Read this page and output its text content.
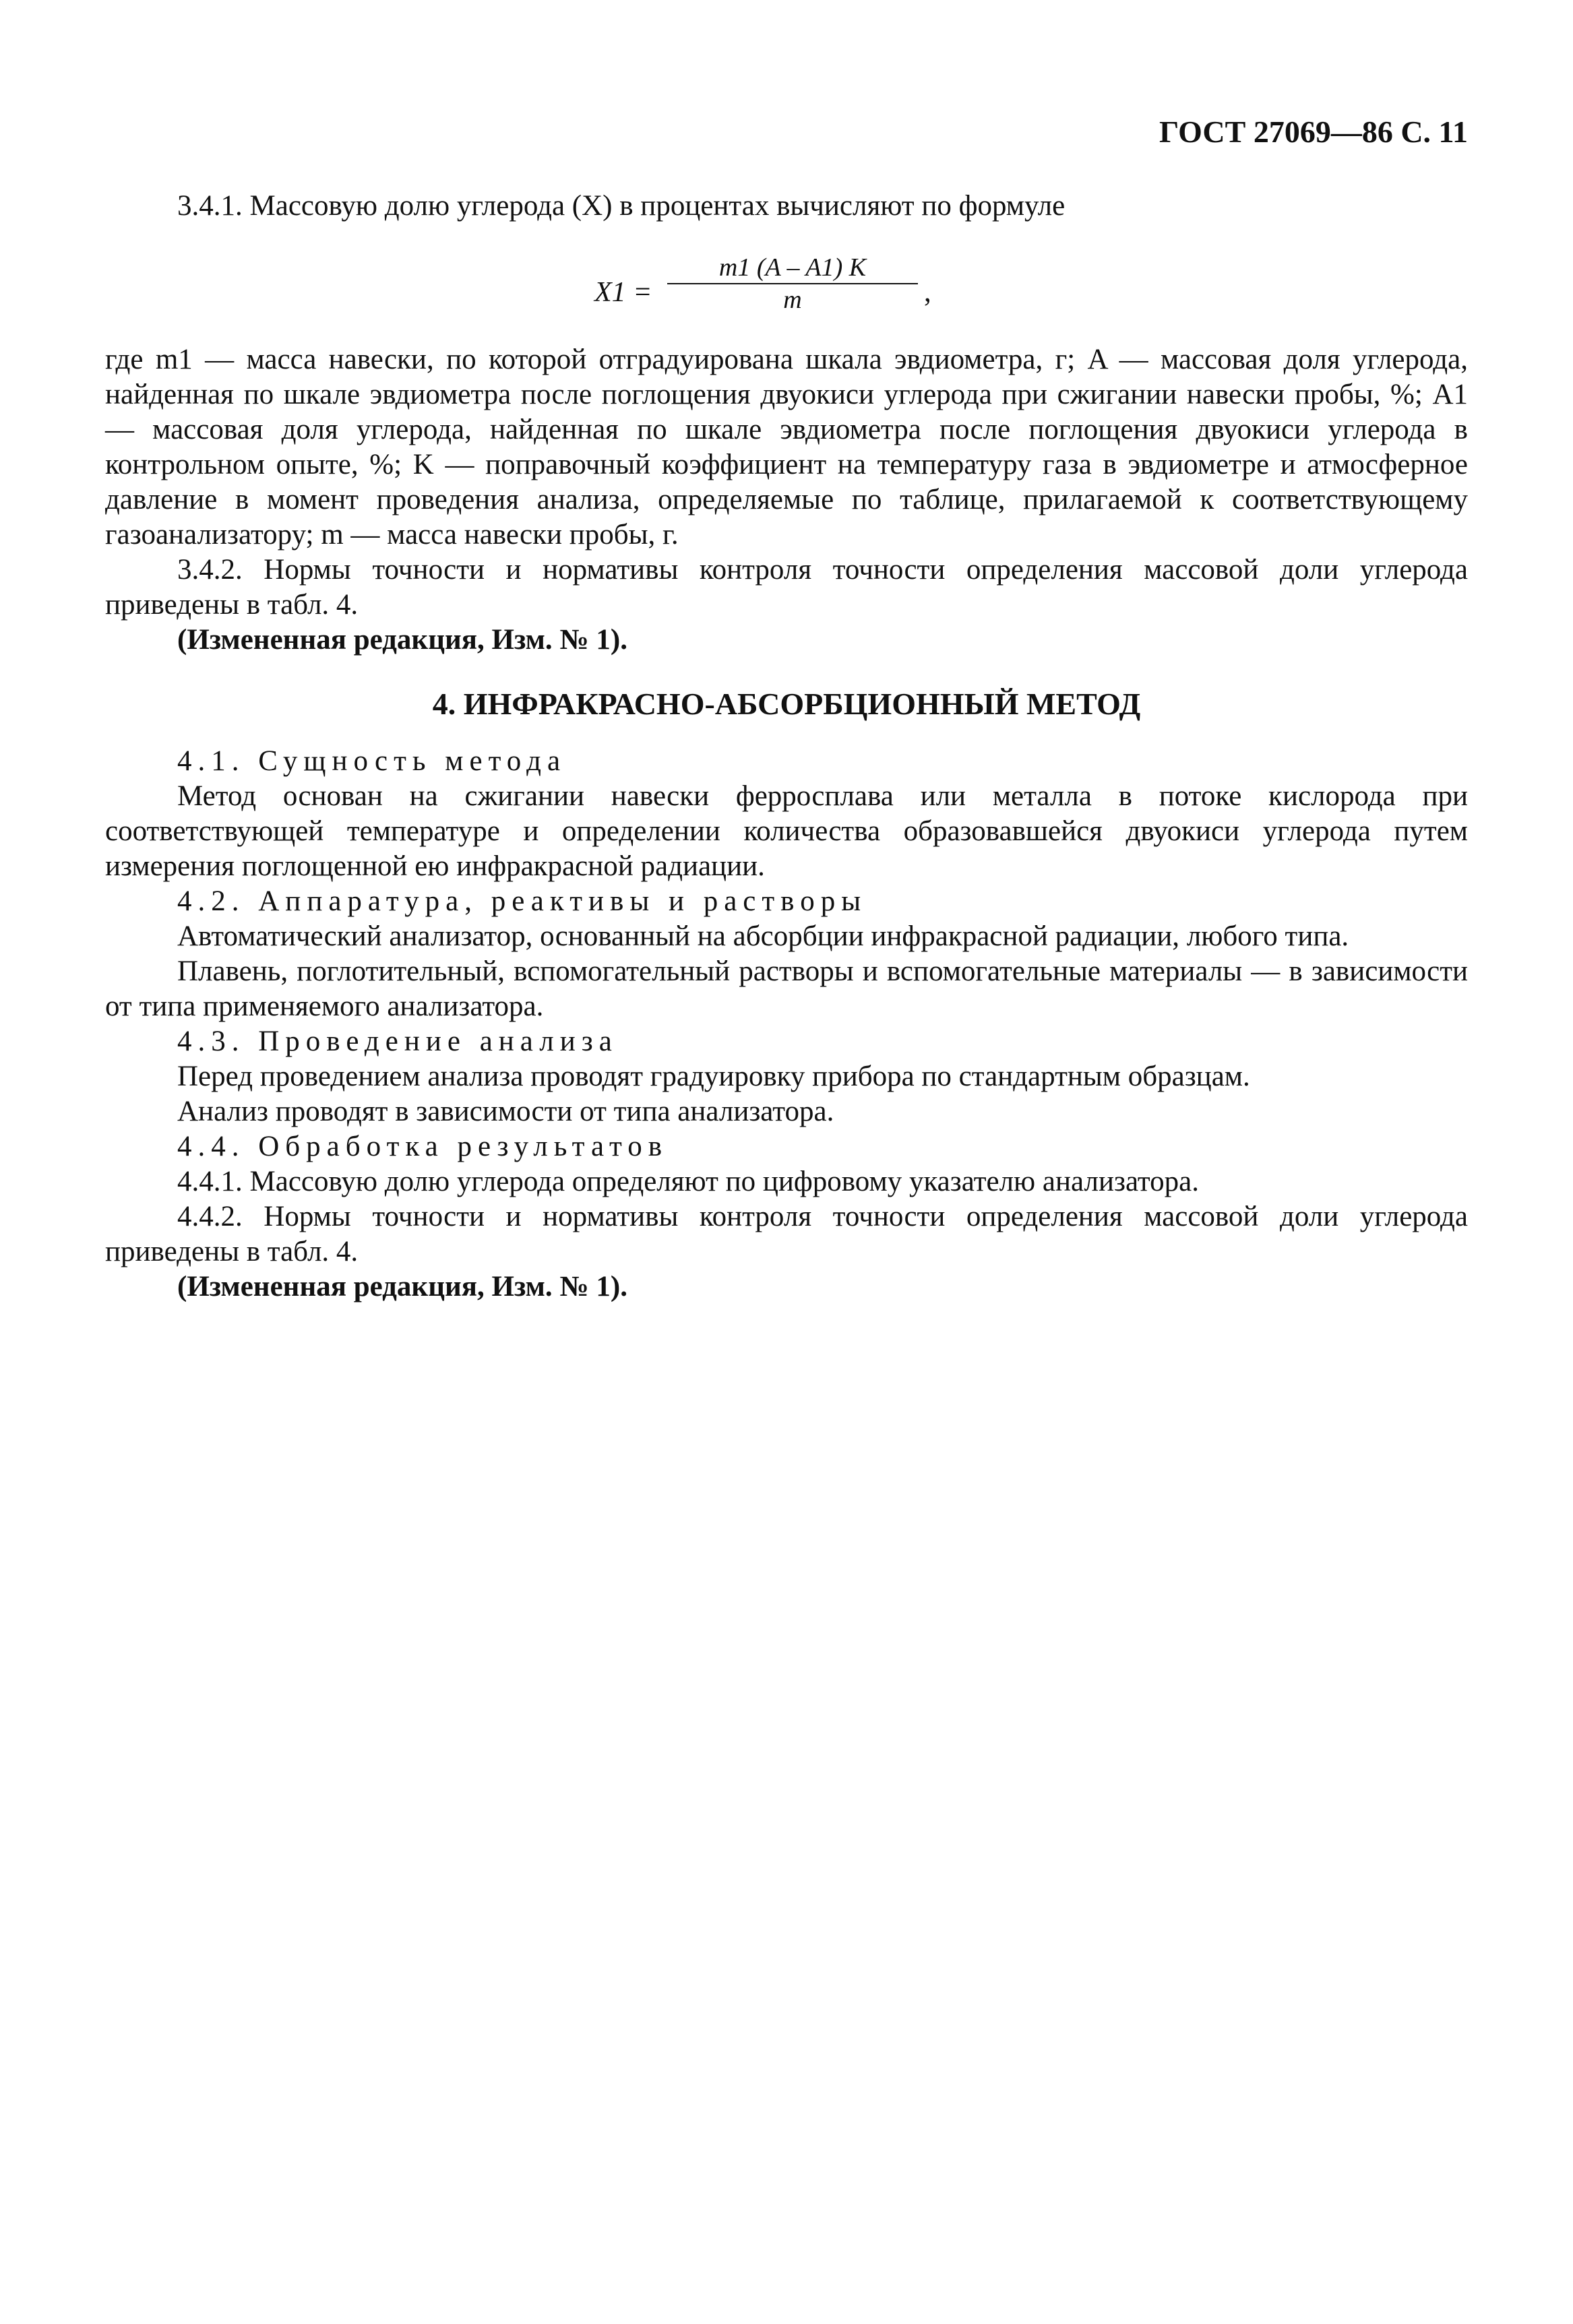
ГОСТ 27069—86 С. 11

3.4.1. Массовую долю углерода (X) в процентах вычисляют по формуле

$X1 = \frac{m1 (A - A1) K}{m}$ ,

где m1 — масса навески, по которой отградуирована шкала эвдиометра, г; A — массовая доля углерода, найденная по шкале эвдиометра после поглощения двуокиси углерода при сжигании навески пробы, %; A1 — массовая доля углерода, найденная по шкале эвдиометра после поглощения двуокиси углерода в контрольном опыте, %; K — поправочный коэффициент на температуру газа в эвдиометре и атмосферное давление в момент проведения анализа, определяемые по таблице, прилагаемой к соответствующему газоанализатору; m — масса навески пробы, г.

3.4.2. Нормы точности и нормативы контроля точности определения массовой доли углерода приведены в табл. 4.

(Измененная редакция, Изм. № 1).

4. ИНФРАКРАСНО-АБСОРБЦИОННЫЙ МЕТОД

4.1. Сущность метода

Метод основан на сжигании навески ферросплава или металла в потоке кислорода при соответствующей температуре и определении количества образовавшейся двуокиси углерода путем измерения поглощенной ею инфракрасной радиации.

4.2. Аппаратура, реактивы и растворы

Автоматический анализатор, основанный на абсорбции инфракрасной радиации, любого типа.

Плавень, поглотительный, вспомогательный растворы и вспомогательные материалы — в зависимости от типа применяемого анализатора.

4.3. Проведение анализа

Перед проведением анализа проводят градуировку прибора по стандартным образцам.

Анализ проводят в зависимости от типа анализатора.

4.4. Обработка результатов

4.4.1. Массовую долю углерода определяют по цифровому указателю анализатора.

4.4.2. Нормы точности и нормативы контроля точности определения массовой доли углерода приведены в табл. 4.

(Измененная редакция, Изм. № 1).
